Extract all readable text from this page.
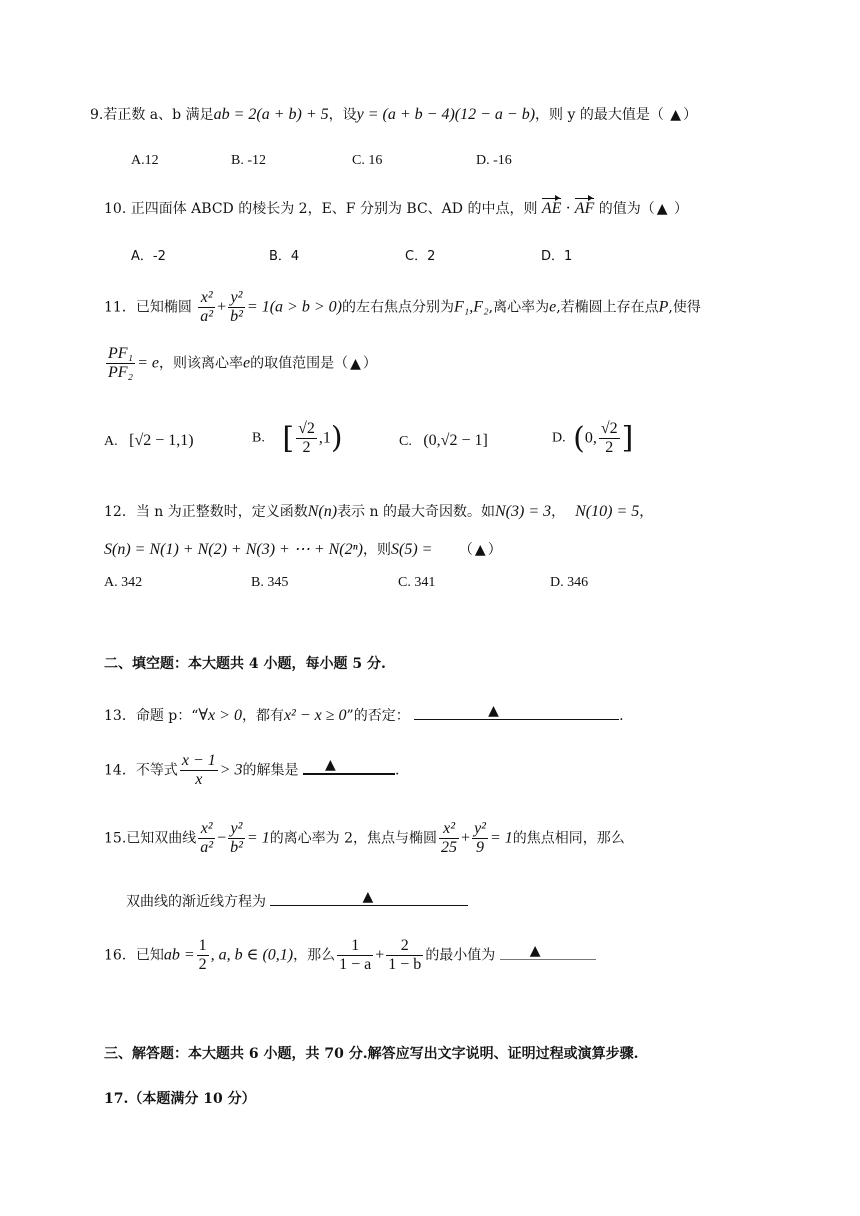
9.若正数 a、b 满足ab = 2(a + b) + 5，设y = (a + b − 4)(12 − a − b)，则 y 的最大值是（ ▲ ）
A.12	B. -12	C. 16	D. -16
10. 正四面体 ABCD 的棱长为 2，E、F 分别为 BC、AD 的中点，则 AE · AF 的值为（ ▲ ）
A．-2	B．4	C．2	D．1
11．已知椭圆 $\frac{\text{x²}}{\text{a²}} + \frac{\text{y²}}{\text{b²}} = 1(a > b > 0)$的左右焦点分别为F₁,F₂,离心率为e,若椭圆上存在点P,使得
$\frac{\text{PF₁}}{\text{PF₂}} = e$，则该离心率e的取值范围是（ ▲ ）
A. [√2 − 1,1)	B. [ $\frac{√2}{2} ,1$)	C. (0,√2 − 1]	D. (0, $\frac{√2}{2}$ ]
12．当 n 为正整数时，定义函数N(n)表示 n 的最大奇因数。如N(3) = 3， N(10) = 5，
S(n) = N(1) + N(2) + N(3) + ⋯ + N(2ⁿ)，则S(5) = （ ▲ ）
A. 342	B. 345	C. 341	D. 346
二、填空题：本大题共 4 小题，每小题 5 分.
13．命题 p：“∀x > 0，都有x² − x ≥ 0”的否定：	▲	.
14．不等式 $\frac{x - 1}{x} > 3$的解集是 ▲	.
15.已知双曲线 $\frac{\text{x²}}{\text{a²}} - \frac{\text{y²}}{\text{b²}} = 1$的离心率为 2，焦点与椭圆 $\frac{\text{x²}}{25} + \frac{\text{y²}}{9} = 1$的焦点相同，那么
双曲线的渐近线方程为	▲
16．已知ab = $\frac{1}{2}$ , a, b ∈ (0,1)，那么 $\frac{1}{1 - a} + \frac{2}{1 - b}$ 的最小值为 ▲
三、解答题：本大题共 6 小题，共 70 分.解答应写出文字说明、证明过程或演算步骤.
17.（本题满分 10 分）
